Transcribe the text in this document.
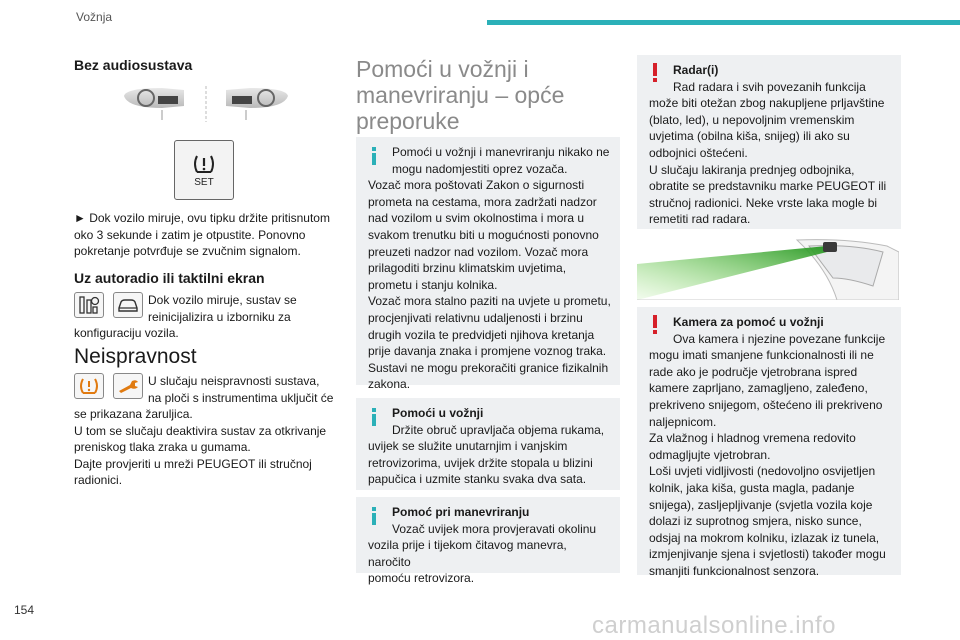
Vožnja
Bez audiosustava
SET
► Dok vozilo miruje, ovu tipku držite pritisnutom
oko 3 sekunde i zatim je otpustite. Ponovno
pokretanje potvrđuje se zvučnim signalom.
Uz autoradio ili taktilni ekran
Dok vozilo miruje, sustav se
reinicijalizira u izborniku za
konfiguraciju vozila.
Neispravnost
U slučaju neispravnosti sustava,
na ploči s instrumentima uključit će
se prikazana žaruljica.
U tom se slučaju deaktivira sustav za otkrivanje
preniskog tlaka zraka u gumama.
Dajte provjeriti u mreži PEUGEOT ili stručnoj
radionici.
Pomoći u vožnji i
manevriranju – opće
preporuke
Pomoći u vožnji i manevriranju nikako ne
mogu nadomjestiti oprez vozača.
Vozač mora poštovati Zakon o sigurnosti
prometa na cestama, mora zadržati nadzor
nad vozilom u svim okolnostima i mora u
svakom trenutku biti u mogućnosti ponovno
preuzeti nadzor nad vozilom. Vozač mora
prilagoditi brzinu klimatskim uvjetima,
prometu i stanju kolnika.
Vozač mora stalno paziti na uvjete u prometu,
procjenjivati relativnu udaljenosti i brzinu
drugih vozila te predvidjeti njihova kretanja
prije davanja znaka i promjene voznog traka.
Sustavi ne mogu prekoračiti granice fizikalnih
zakona.
Pomoći u vožnji
Držite obruč upravljača objema rukama,
uvijek se služite unutarnjim i vanjskim
retrovizorima, uvijek držite stopala u blizini
papučica i uzmite stanku svaka dva sata.
Pomoć pri manevriranju
Vozač uvijek mora provjeravati okolinu
vozila prije i tijekom čitavog manevra, naročito
pomoću retrovizora.
Radar(i)
Rad radara i svih povezanih funkcija
može biti otežan zbog nakupljene prljavštine
(blato, led), u nepovoljnim vremenskim
uvjetima (obilna kiša, snijeg) ili ako su
odbojnici oštećeni.
U slučaju lakiranja prednjeg odbojnika,
obratite se predstavniku marke PEUGEOT ili
stručnoj radionici. Neke vrste laka mogle bi
remetiti rad radara.
Kamera za pomoć u vožnji
Ova kamera i njezine povezane funkcije
mogu imati smanjene funkcionalnosti ili ne
rade ako je područje vjetrobrana ispred
kamere zaprljano, zamagljeno, zaleđeno,
prekriveno snijegom, oštećeno ili prekriveno
naljepnicom.
Za vlažnog i hladnog vremena redovito
odmagljujte vjetrobran.
Loši uvjeti vidljivosti (nedovoljno osvijetljen
kolnik, jaka kiša, gusta magla, padanje
snijega), zasljepljivanje (svjetla vozila koje
dolazi iz suprotnog smjera, nisko sunce,
odsjaj na mokrom kolniku, izlazak iz tunela,
izmjenjivanje sjena i svjetlosti) također mogu
smanjiti funkcionalnost senzora.
154
carmanualsonline.info
